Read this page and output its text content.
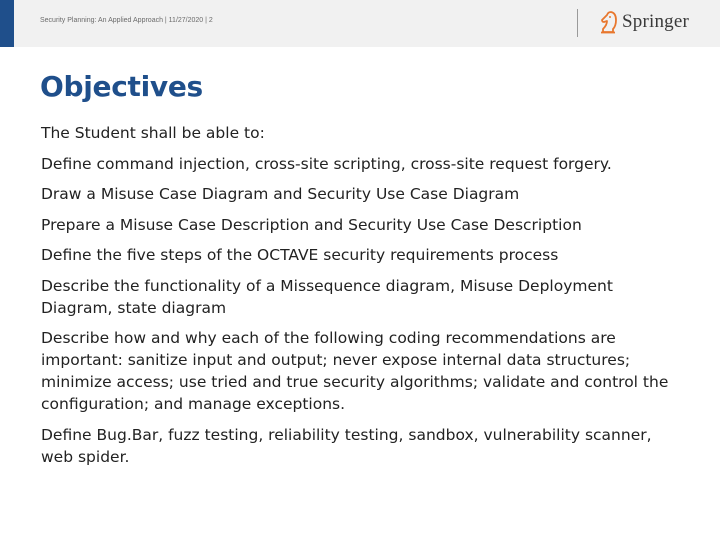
Security Planning: An Applied Approach | 11/27/2020 | 2	Springer
Objectives
The Student shall be able to:
Define command injection, cross-site scripting, cross-site request forgery.
Draw a Misuse Case Diagram and Security Use Case Diagram
Prepare a Misuse Case Description and Security Use Case Description
Define the five steps of the OCTAVE security requirements process
Describe the functionality of a Missequence diagram, Misuse Deployment Diagram, state diagram
Describe how and why each of the following coding recommendations are important: sanitize input and output; never expose internal data structures; minimize access; use tried and true security algorithms; validate and control the configuration; and manage exceptions.
Define Bug.Bar, fuzz testing, reliability testing, sandbox, vulnerability scanner, web spider.
